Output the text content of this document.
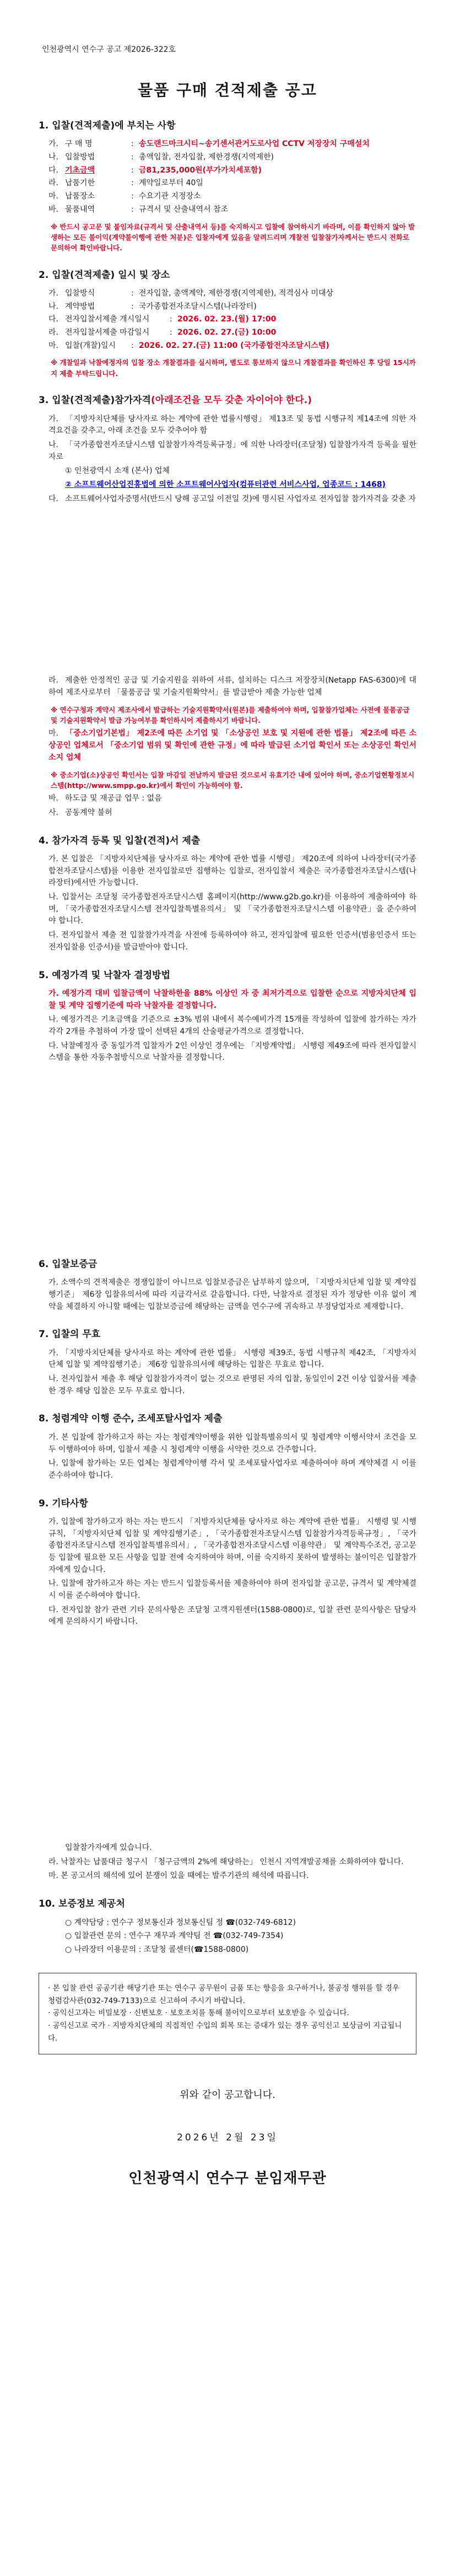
인천광역시 연수구 공고 제2026-322호
물품 구매 견적제출 공고
1. 입찰(견적제출)에 부치는 사항
가. 구 매 명	: 송도랜드마크시티~송기센서관거도로사업 CCTV 저장장치 구매설치
나. 입찰방법	: 총액입찰, 전자입찰, 제한경쟁(지역제한)
다. 기초금액	: 금81,235,000원(부가가치세포함)
라. 납품기한	: 계약일로부터 40일
마. 납품장소	: 수요기관 지정장소
바. 물품내역	: 규격서 및 산출내역서 참조
※ 반드시 공고문 및 붙임자료(규격서 및 산출내역서 등)를 숙지하시고 입찰에 참여하시기 바라며, 이를 확인하지 않아 발생하는 모든 불이익(계약불이행에 관한 처분)은 입찰자에게 있음을 알려드리며 개찰전 입찰참가자께서는 반드시 전화로 문의하여 확인바랍니다.
2. 입찰(견적제출) 일시 및 장소
가. 입찰방식	: 전자입찰, 총액계약, 제한경쟁(지역제한), 적격심사 미대상
나. 계약방법	: 국가종합전자조달시스템(나라장터)
다. 전자입찰서제출 개시일시	: 2026. 02. 23.(월) 17:00
라. 전자입찰서제출 마감일시	: 2026. 02. 27.(금) 10:00
마. 입찰(개찰)일시	: 2026. 02. 27.(금) 11:00 (국가종합전자조달시스템)
※ 개찰일과 낙찰예정자의 입찰 장소 개찰결과를 실시하며, 별도로 통보하지 않으니 개찰결과를 확인하신 후 당일 15시까지 제출 부탁드립니다.
3. 입찰(견적제출)참가자격(아래조건을 모두 갖춘 자이어야 한다.)
가. 「지방자치단체를 당사자로 하는 계약에 관한 법률시행령」 제13조 및 동법 시행규칙 제14조에 의한 자격요건을 갖추고, 아래 조건을 모두 갖추어야 함
나. 「국가종합전자조달시스템 입찰참가자격등록규정」에 의한 나라장터(조달청) 입찰참가자격 등록을 필한 자로
① 인천광역시 소재 (본사) 업체
② 소프트웨어산업진흥법에 의한 소프트웨어사업자(컴퓨터관련 서비스사업, 업종코드 : 1468)
다. 소프트웨어사업자증명서(반드시 당해 공고일 이전일 것)에 명시된 사업자로 전자입찰 참가자격을 갖춘 자
라. 제출한 안정적인 공급 및 기술지원을 위하여 서류, 설치하는 디스크 저장장치(Netapp FAS-6300)에 대하여 제조사로부터 「물품공급 및 기술지원확약서」를 발급받아 제출 가능한 업체
※ 연수구청과 계약시 제조사에서 발급하는 기술지원확약서(원본)를 제출하여야 하며, 입찰참가업체는 사전에 물품공급 및 기술지원확약서 발급 가능여부를 확인하시어 제출하시기 바랍니다.
마. 「중소기업기본법」 제2조에 따른 소기업 및 「소상공인 보호 및 지원에 관한 법률」 제2조에 따른 소상공인 업체로서 「중소기업 범위 및 확인에 관한 규정」에 따라 발급된 소기업 확인서 또는 소상공인 확인서 소지 업체
※ 중소기업(소)상공인 확인서는 입찰 마감일 전날까지 발급된 것으로서 유효기간 내에 있어야 하며, 중소기업현황정보시스템(http://www.smpp.go.kr)에서 확인이 가능하여야 함.
바. 하도급 및 재공급 업무 : 없음
사. 공동계약 불허
4. 참가자격 등록 및 입찰(견적)서 제출
가. 본 입찰은 「지방자치단체를 당사자로 하는 계약에 관한 법률 시행령」 제20조에 의하여 나라장터(국가종합전자조달시스템)를 이용한 전자입찰로만 집행하는 입찰로, 전자입찰서 제출은 국가종합전자조달시스템(나라장터)에서만 가능합니다.
나. 입찰서는 조달청 국가종합전자조달시스템 홈페이지(http://www.g2b.go.kr)를 이용하여 제출하여야 하며, 「국가종합전자조달시스템 전자입찰특별유의서」 및 「국가종합전자조달시스템 이용약관」을 준수하여야 합니다.
다. 전자입찰서 제출 전 입찰참가자격을 사전에 등록하여야 하고, 전자입찰에 필요한 인증서(범용인증서 또는 전자입찰용 인증서)를 발급받아야 합니다.
5. 예정가격 및 낙찰자 결정방법
가. 예정가격 대비 입찰금액이 낙찰하한율 88% 이상인 자 중 최저가격으로 입찰한 순으로 지방자치단체 입찰 및 계약 집행기준에 따라 낙찰자를 결정합니다.
나. 예정가격은 기초금액을 기준으로 ±3% 범위 내에서 복수예비가격 15개를 작성하여 입찰에 참가하는 자가 각각 2개를 추첨하여 가장 많이 선택된 4개의 산술평균가격으로 결정합니다.
다. 낙찰예정자 중 동일가격 입찰자가 2인 이상인 경우에는 「지방계약법」 시행령 제49조에 따라 전자입찰시스템을 통한 자동추첨방식으로 낙찰자를 결정합니다.
6. 입찰보증금
가. 소액수의 견적제출은 경쟁입찰이 아니므로 입찰보증금은 납부하지 않으며, 「지방자치단체 입찰 및 계약집행기준」 제6장 입찰유의서에 따라 지급각서로 갈음합니다. 다만, 낙찰자로 결정된 자가 정당한 이유 없이 계약을 체결하지 아니할 때에는 입찰보증금에 해당하는 금액을 연수구에 귀속하고 부정당업자로 제재합니다.
7. 입찰의 무효
가. 「지방자치단체를 당사자로 하는 계약에 관한 법률」 시행령 제39조, 동법 시행규칙 제42조, 「지방자치단체 입찰 및 계약집행기준」 제6장 입찰유의서에 해당하는 입찰은 무효로 합니다.
나. 전자입찰서 제출 후 해당 입찰참가자격이 없는 것으로 판명된 자의 입찰, 동일인이 2건 이상 입찰서를 제출한 경우 해당 입찰은 모두 무효로 합니다.
8. 청렴계약 이행 준수, 조세포탈사업자 제출
가. 본 입찰에 참가하고자 하는 자는 청렴계약이행을 위한 입찰특별유의서 및 청렴계약 이행서약서 조건을 모두 이행하여야 하며, 입찰서 제출 시 청렴계약 이행을 서약한 것으로 간주합니다.
나. 입찰에 참가하는 모든 업체는 청렴계약이행 각서 및 조세포탈사업자로 제출하여야 하며 계약체결 시 이를 준수하여야 합니다.
9. 기타사항
가. 입찰에 참가하고자 하는 자는 반드시 「지방자치단체를 당사자로 하는 계약에 관한 법률」 시행령 및 시행규칙, 「지방자치단체 입찰 및 계약집행기준」, 「국가종합전자조달시스템 입찰참가자격등록규정」, 「국가종합전자조달시스템 전자입찰특별유의서」, 「국가종합전자조달시스템 이용약관」 및 계약특수조건, 공고문 등 입찰에 필요한 모든 사항을 입찰 전에 숙지하여야 하며, 이를 숙지하지 못하여 발생하는 불이익은 입찰참가자에게 있습니다.
나. 입찰에 참가하고자 하는 자는 반드시 입찰등록서를 제출하여야 하며 전자입찰 공고문, 규격서 및 계약체결 시 이를 준수하여야 합니다.
다. 전자입찰 참가 관련 기타 문의사항은 조달청 고객지원센터(1588-0800)로, 입찰 관련 문의사항은 담당자에게 문의하시기 바랍니다.
입찰참가자에게 있습니다.
라. 낙찰자는 납품대금 청구시 「청구금액의 2%에 해당하는」 인천시 지역개발공채를 소화하여야 합니다.
마. 본 공고서의 해석에 있어 분쟁이 있을 때에는 발주기관의 해석에 따릅니다.
10. 보증정보 제공처
○ 계약담당 : 연수구 정보통신과 정보통신팀 정 ☎(032-749-6812)
○ 입찰관련 문의 : 연수구 재무과 계약팀 전 ☎(032-749-7354)
○ 나라장터 이용문의 : 조달청 콜센터(☎1588-0800)
· 본 입찰 관련 공공기관 해당기관 또는 연수구 공무원이 금품 또는 향응을 요구하거나, 불공정 행위를 할 경우 청렴감사관(032-749-7133)으로 신고하여 주시기 바랍니다.
· 공익신고자는 비밀보장 · 신변보호 · 보호조치를 통해 불이익으로부터 보호받을 수 있습니다.
· 공익신고로 국가 · 지방자치단체의 직접적인 수입의 회복 또는 증대가 있는 경우 공익신고 보상금이 지급됩니다.
위와 같이 공고합니다.
2026년 2월 23일
인천광역시 연수구 분임재무관
